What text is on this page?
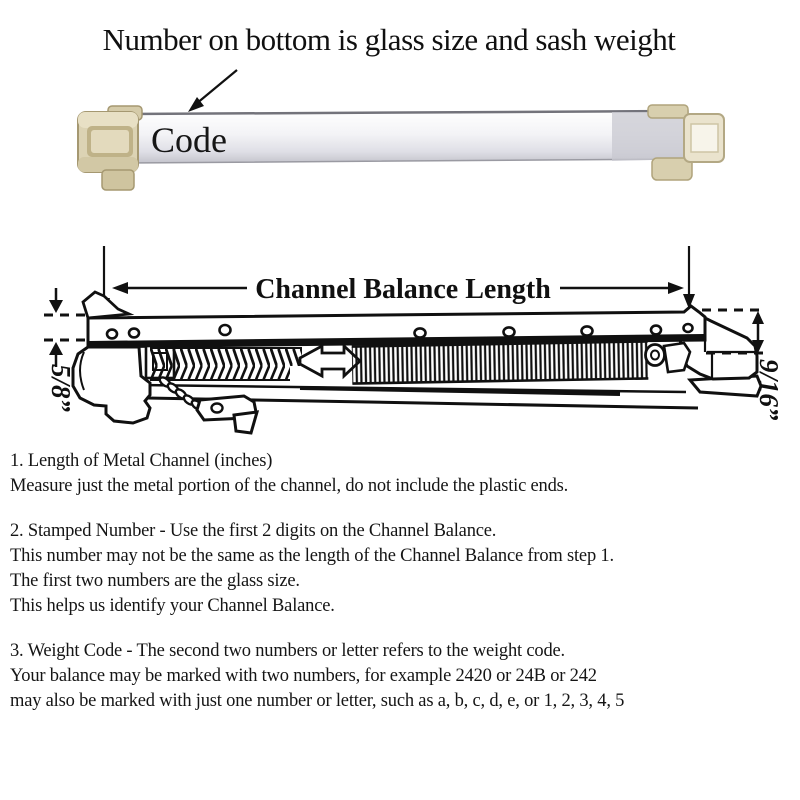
Number on bottom is glass size and sash weight
Code
Channel Balance Length
5/8”	9/16”
1. Length of Metal Channel (inches)
Measure just the metal portion of the channel, do not include the plastic ends.
2. Stamped Number - Use the first 2 digits on the Channel Balance.
This number may not be the same as the length of the Channel Balance from step 1.
The first two numbers are the glass size.
This helps us identify your Channel Balance.
3. Weight Code - The second two numbers or letter refers to the weight code.
Your balance may be marked with two numbers, for example 2420 or 24B or 242
may also be marked with just one number or letter, such as a, b, c, d, e, or 1, 2, 3, 4, 5
